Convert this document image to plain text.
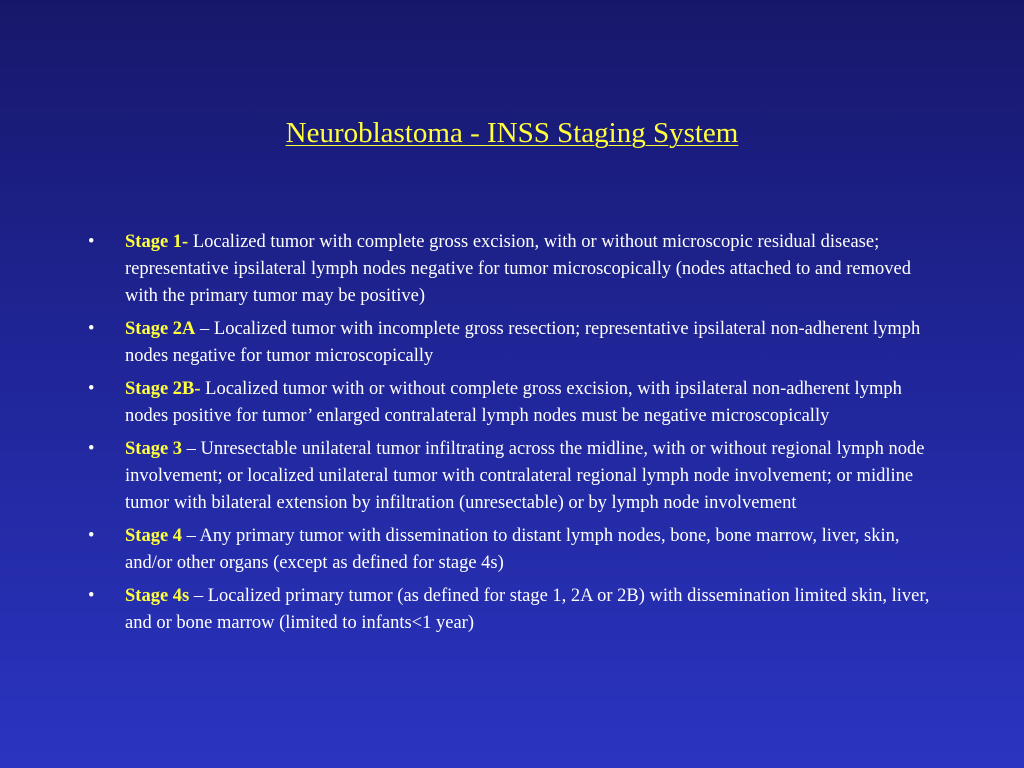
Neuroblastoma - INSS Staging System
•	Stage 1- Localized tumor with complete gross excision, with or without microscopic residual disease; representative ipsilateral lymph nodes negative for tumor microscopically (nodes attached to and removed with the primary tumor may be positive)
•	Stage 2A – Localized tumor with incomplete gross resection; representative ipsilateral non-adherent lymph nodes negative for tumor microscopically
•	Stage 2B- Localized tumor with or without complete gross excision, with ipsilateral non-adherent lymph nodes positive for tumor’ enlarged contralateral lymph nodes must be negative microscopically
•	Stage 3 – Unresectable unilateral tumor infiltrating across the midline, with or without regional lymph node involvement; or localized unilateral tumor with contralateral regional lymph node involvement; or midline tumor with bilateral extension by infiltration (unresectable) or by lymph node involvement
•	Stage 4 – Any primary tumor with dissemination to distant lymph nodes, bone, bone marrow, liver, skin, and/or other organs (except as defined for stage 4s)
•	Stage 4s – Localized primary tumor (as defined for stage 1, 2A or 2B) with dissemination limited skin, liver, and or bone marrow (limited to infants<1 year)
